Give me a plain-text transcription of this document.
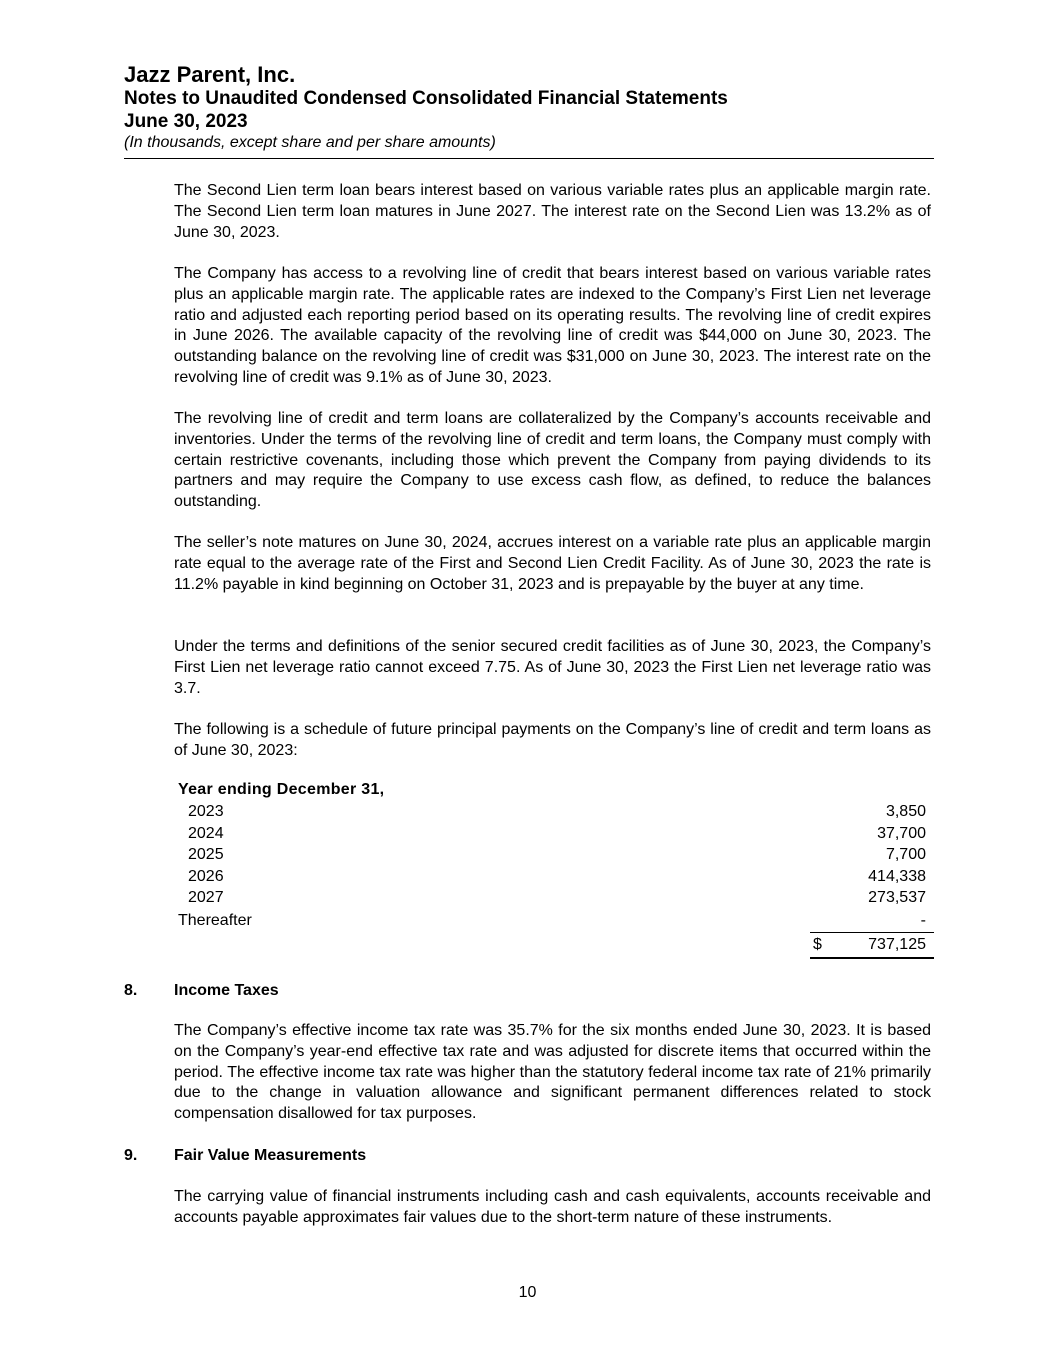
Jazz Parent, Inc.
Notes to Unaudited Condensed Consolidated Financial Statements
June 30, 2023
(In thousands, except share and per share amounts)

The Second Lien term loan bears interest based on various variable rates plus an applicable margin rate. The Second Lien term loan matures in June 2027. The interest rate on the Second Lien was 13.2% as of June 30, 2023.

The Company has access to a revolving line of credit that bears interest based on various variable rates plus an applicable margin rate. The applicable rates are indexed to the Company’s First Lien net leverage ratio and adjusted each reporting period based on its operating results. The revolving line of credit expires in June 2026. The available capacity of the revolving line of credit was $44,000 on June 30, 2023. The outstanding balance on the revolving line of credit was $31,000 on June 30, 2023. The interest rate on the revolving line of credit was 9.1% as of June 30, 2023.

The revolving line of credit and term loans are collateralized by the Company’s accounts receivable and inventories. Under the terms of the revolving line of credit and term loans, the Company must comply with certain restrictive covenants, including those which prevent the Company from paying dividends to its partners and may require the Company to use excess cash flow, as defined, to reduce the balances outstanding.

The seller’s note matures on June 30, 2024, accrues interest on a variable rate plus an applicable margin rate equal to the average rate of the First and Second Lien Credit Facility. As of June 30, 2023 the rate is 11.2% payable in kind beginning on October 31, 2023 and is prepayable by the buyer at any time.

Under the terms and definitions of the senior secured credit facilities as of June 30, 2023, the Company’s First Lien net leverage ratio cannot exceed 7.75. As of June 30, 2023 the First Lien net leverage ratio was 3.7.

The following is a schedule of future principal payments on the Company’s line of credit and term loans as of June 30, 2023:

Year ending December 31,
2023	3,850
2024	37,700
2025	7,700
2026	414,338
2027	273,537
Thereafter	-
$	737,125
8. Income Taxes

The Company’s effective income tax rate was 35.7% for the six months ended June 30, 2023. It is based on the Company’s year-end effective tax rate and was adjusted for discrete items that occurred within the period. The effective income tax rate was higher than the statutory federal income tax rate of 21% primarily due to the change in valuation allowance and significant permanent differences related to stock compensation disallowed for tax purposes.

9. Fair Value Measurements

The carrying value of financial instruments including cash and cash equivalents, accounts receivable and accounts payable approximates fair values due to the short-term nature of these instruments.

10
